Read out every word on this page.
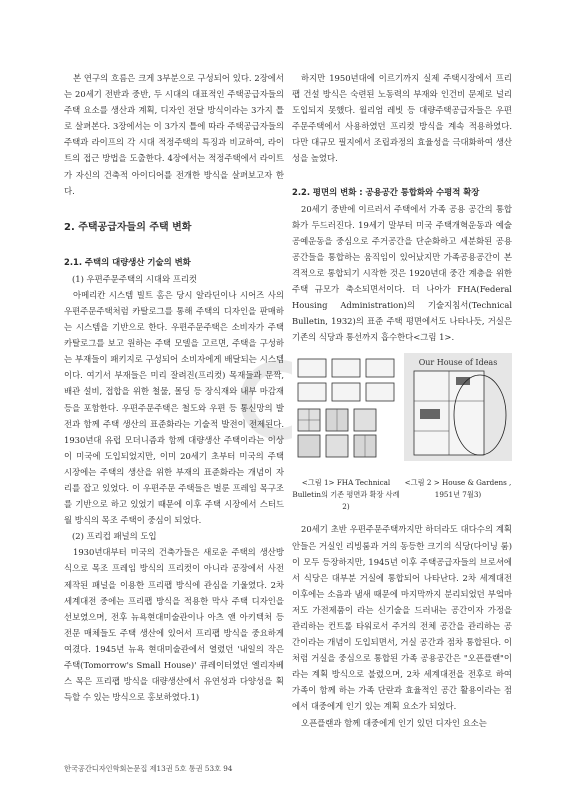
본 연구의 흐름은 크게 3부분으로 구성되어 있다. 2장에서는 20세기 전반과 중반, 두 시대의 대표적인 주택공급자들의 주택 요소를 생산과 계획, 디자인 전달 방식이라는 3가지 틀로 살펴본다. 3장에서는 이 3가지 틀에 따라 주택공급자들의 주택과 라이프의 각 시대 적정주택의 특징과 비교하여, 라이트의 접근 방법을 도출한다. 4장에서는 적정주택에서 라이트가 자신의 건축적 아이디어를 전개한 방식을 살펴보고자 한다.

2. 주택공급자들의 주택 변화
2.1. 주택의 대량생산 기술의 변화

(1) 우편주문주택의 시대와 프리컷

아메리칸 시스템 빌트 홈은 당시 알라딘이나 시어즈 사의 우편주문주택처럼 카탈로그를 통해 주택의 디자인을 판매하는 시스템을 기반으로 한다. 우편주문주택은 소비자가 주택 카탈로그를 보고 원하는 주택 모델을 고르면, 주택을 구성하는 부재들이 패키지로 구성되어 소비자에게 배달되는 시스템이다. 여기서 부재들은 미리 잘려진(프리컷) 목재들과 문짝, 배관 설비, 접합을 위한 철물, 몰딩 등 장식재와 내부 마감재 등을 포함한다. 우편주문주택은 철도와 우편 등 통신망의 발전과 함께 주택 생산의 표준화라는 기술적 발전이 전제된다. 1930년대 유럽 모더니즘과 함께 대량생산 주택이라는 이상이 미국에 도입되었지만, 이미 20세기 초부터 미국의 주택 시장에는 주택의 생산을 위한 부재의 표준화라는 개념이 자리를 잡고 있었다. 이 우편주문 주택들은 벌룬 프레임 목구조를 기반으로 하고 있었기 때문에 이후 주택 시장에서 스터드 월 방식의 목조 주택이 중심이 되었다.

(2) 프리컵 패널의 도입

1930년대부터 미국의 건축가들은 새로운 주택의 생산방식으로 목조 프레임 방식의 프리컷이 아니라 공장에서 사전제작된 패널을 이용한 프리팹 방식에 관심을 기울였다. 2차 세계대전 중에는 프리팹 방식을 적용한 막사 주택 디자인을 선보였으며, 전후 뉴욕현대미술관이나 아츠 앤 아키텍처 등 전문 매체들도 주택 생산에 있어서 프리팹 방식을 중요하게 여겼다. 1945년 뉴욕 현대미술관에서 열렸던 '내일의 작은 주택(Tomorrow's Small House)' 큐레이터였던 엘리자베스 목은 프리팹 방식을 대량생산에서 유연성과 다양성을 획득할 수 있는 방식으로 홍보하였다.1)

하지만 1950년대에 이르기까지 실제 주택시장에서 프리팹 건설 방식은 숙련된 노동력의 부재와 인건비 문제로 널리 도입되지 못했다. 윌리엄 레빗 등 대량주택공급자들은 우편주문주택에서 사용하였던 프리컷 방식을 계속 적용하였다. 다만 대규모 필지에서 조립과정의 효율성을 극대화하여 생산성을 높였다.

2.2. 평면의 변화 : 공용공간 통합화와 수평적 확장

20세기 중반에 이르러서 주택에서 가족 공용 공간의 통합화가 두드러진다. 19세기 말부터 미국 주택개혁운동과 예술공예운동을 중심으로 주거공간을 단순화하고 세분화된 공용공간들을 통합하는 움직임이 있어났지만 가족공용공간이 본격적으로 통합되기 시작한 것은 1920년대 중간 계층을 위한 주택 규모가 축소되면서이다. 더 나아가 FHA(Federal Housing Administration)의 기술지침서(Technical Bulletin, 1932)의 표준 주택 평면에서도 나타나듯, 거실은 기존의 식당과 통선까지 흡수한다<그림 1>.

Our House of Ideas
<그림 1> FHA Technical Bulletin의 기존 평면과 확장 사례2)
<그림 2 > House & Gardens , 1951년 7월3)

20세기 초반 우편주문주택까지만 하더라도 대다수의 계획안들은 거실인 리빙룸과 거의 동등한 크기의 식당(다이닝 룸)이 모두 등장하지만, 1945년 이후 주택공급자들의 브로셔에서 식당은 대부분 거실에 통합되어 나타난다. 2차 세계대전 이후에는 소음과 냄새 때문에 마지막까지 분리되었던 부엌마저도 가전제품이 라는 신기술을 드러내는 공간이자 가정을 관리하는 컨트롤 타워로서 주거의 전체 공간을 관리하는 공간이라는 개념이 도입되면서, 거실 공간과 점차 통합된다. 이처럼 거실을 중심으로 통합된 가족 공용공간은 "오픈플랜"이라는 계획 방식으로 불렸으며, 2차 세계대전을 전후로 하여 가족이 함께 하는 가족 단란과 효율적인 공간 활용이라는 점에서 대중에게 인기 있는 계획 요소가 되었다.

오픈플랜과 함께 대중에게 인기 있던 디자인 요소는

한국공간디자인학회논문집 제13권 5호 통권 53호 94
